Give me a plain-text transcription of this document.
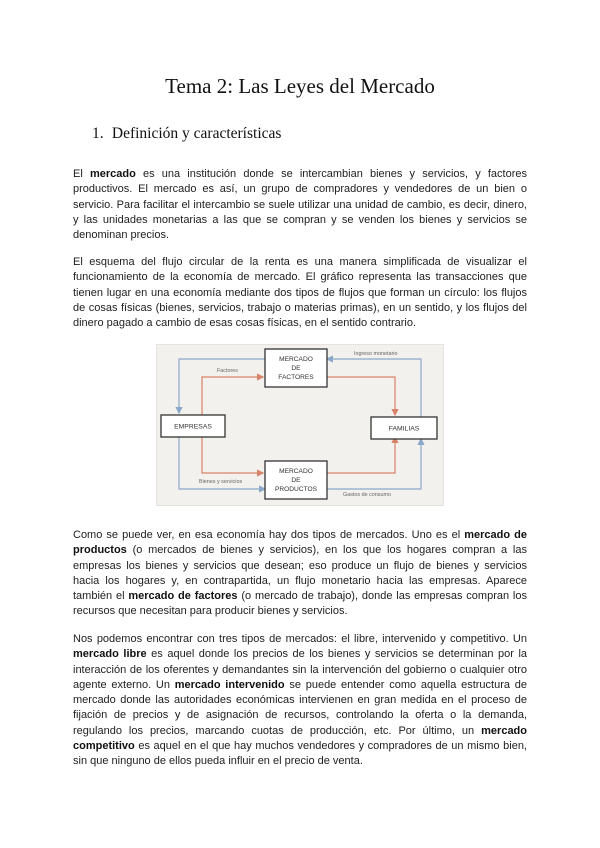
Tema 2: Las Leyes del Mercado
1. Definición y características

El mercado es una institución donde se intercambian bienes y servicios, y factores productivos. El mercado es así, un grupo de compradores y vendedores de un bien o servicio. Para facilitar el intercambio se suele utilizar una unidad de cambio, es decir, dinero, y las unidades monetarias a las que se compran y se venden los bienes y servicios se denominan precios.

El esquema del flujo circular de la renta es una manera simplificada de visualizar el funcionamiento de la economía de mercado. El gráfico representa las transacciones que tienen lugar en una economía mediante dos tipos de flujos que forman un círculo: los flujos de cosas físicas (bienes, servicios, trabajo o materias primas), en un sentido, y los flujos del dinero pagado a cambio de esas cosas físicas, en el sentido contrario.

MERCADO
DE
FACTORES
EMPRESAS	FAMILIAS
MERCADO
DE
PRODUCTOS
Factores
Ingreso monetario
Bienes y servicios
Gastos de consumo

Como se puede ver, en esa economía hay dos tipos de mercados. Uno es el mercado de productos (o mercados de bienes y servicios), en los que los hogares compran a las empresas los bienes y servicios que desean; eso produce un flujo de bienes y servicios hacia los hogares y, en contrapartida, un flujo monetario hacia las empresas. Aparece también el mercado de factores (o mercado de trabajo), donde las empresas compran los recursos que necesitan para producir bienes y servicios.

Nos podemos encontrar con tres tipos de mercados: el libre, intervenido y competitivo. Un mercado libre es aquel donde los precios de los bienes y servicios se determinan por la interacción de los oferentes y demandantes sin la intervención del gobierno o cualquier otro agente externo. Un mercado intervenido se puede entender como aquella estructura de mercado donde las autoridades económicas intervienen en gran medida en el proceso de fijación de precios y de asignación de recursos, controlando la oferta o la demanda, regulando los precios, marcando cuotas de producción, etc. Por último, un mercado competitivo es aquel en el que hay muchos vendedores y compradores de un mismo bien, sin que ninguno de ellos pueda influir en el precio de venta.
